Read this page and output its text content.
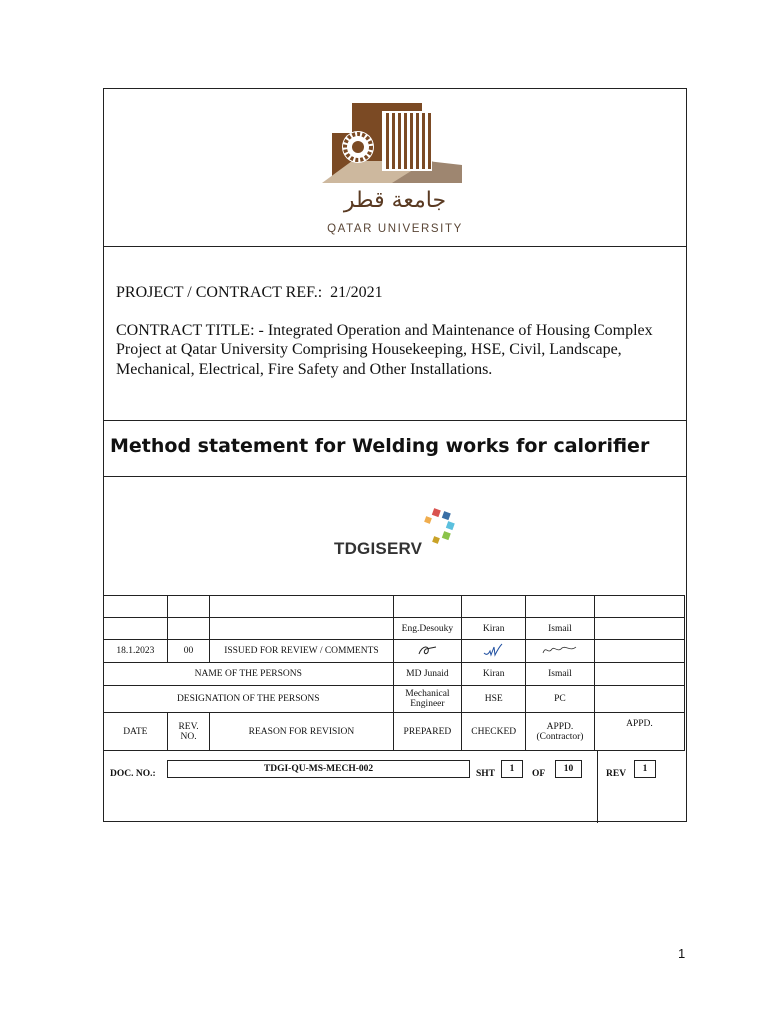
جامعة قطر
QATAR UNIVERSITY

PROJECT / CONTRACT REF.: 21/2021

CONTRACT TITLE: - Integrated Operation and Maintenance of Housing Complex Project at Qatar University Comprising Housekeeping, HSE, Civil, Landscape, Mechanical, Electrical, Fire Safety and Other Installations.

Method statement for Welding works for calorifier
TDGISERV

			Eng.Desouky	Kiran	Ismail	
18.1.2023	00	ISSUED FOR REVIEW / COMMENTS				
NAME OF THE PERSONS			MD Junaid	Kiran	Ismail	
DESIGNATION OF THE PERSONS			Mechanical Engineer	HSE	PC	
DATE	REV. NO.	REASON FOR REVISION	PREPARED	CHECKED	APPD. (Contractor)	APPD.
DOC. NO.:	TDGI-QU-MS-MECH-002	SHT	1	OF	10	REV	1
1
